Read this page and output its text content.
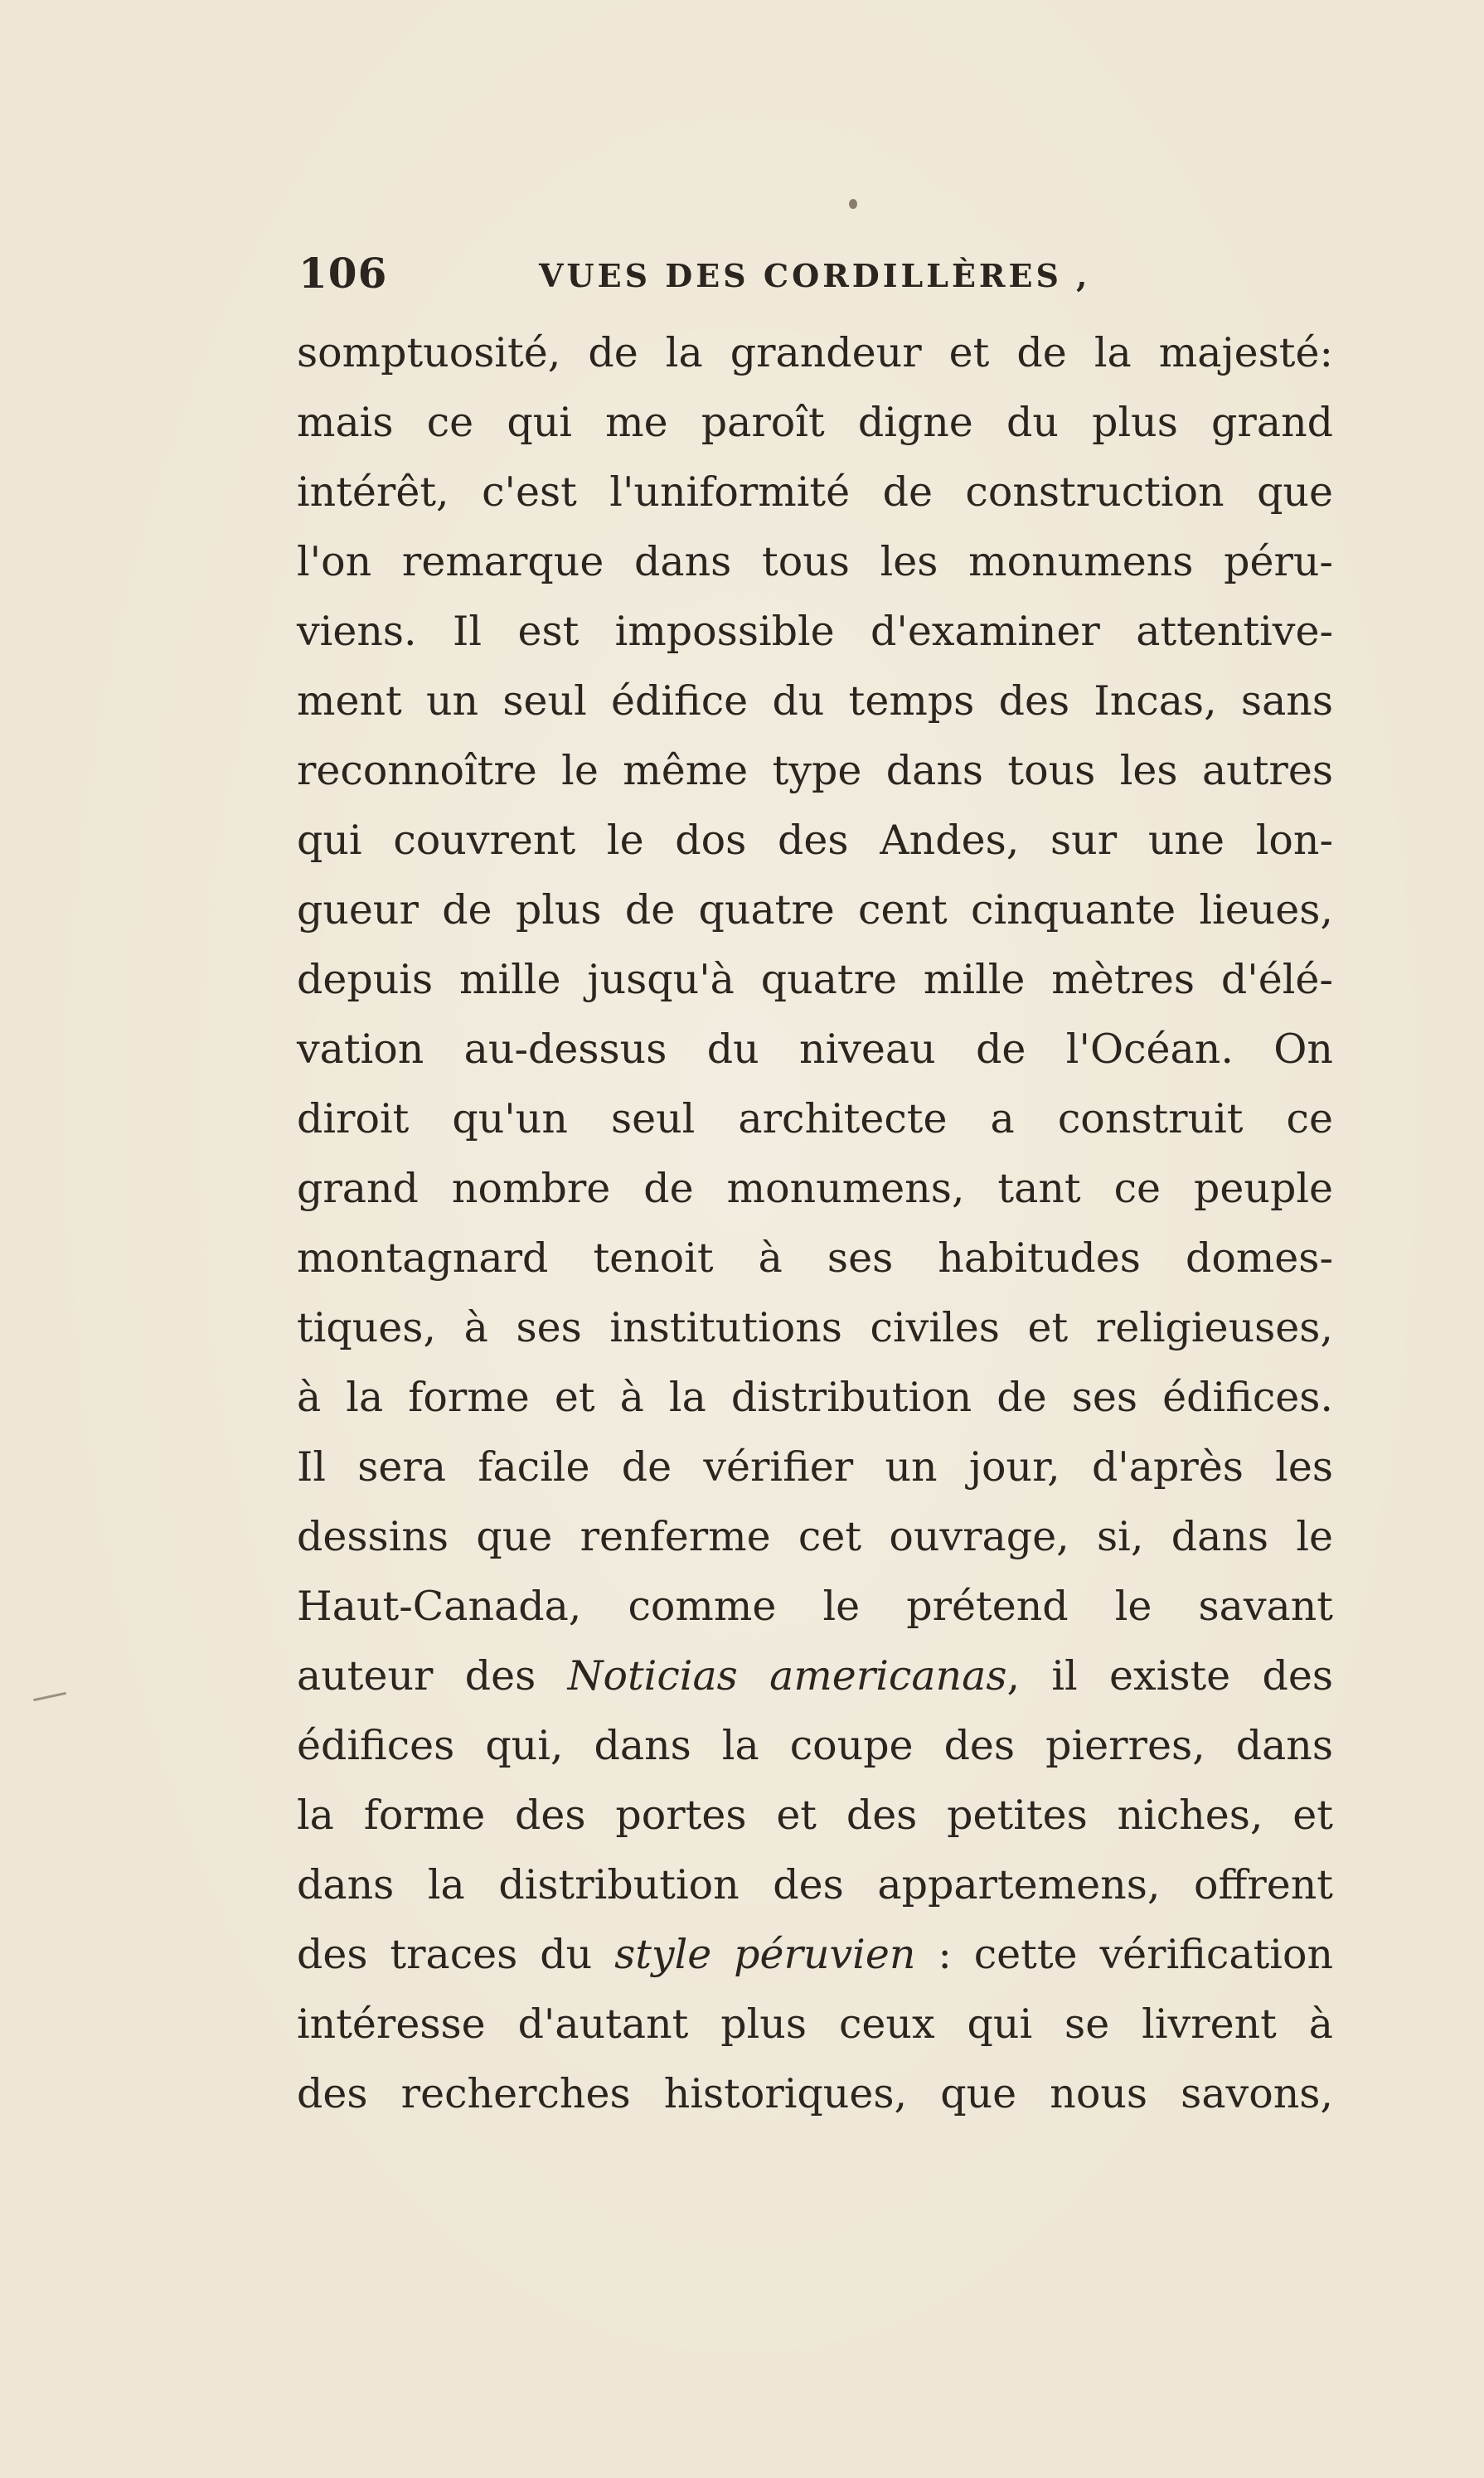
106	VUES DES CORDILLÈRES ,
somptuosité, de la grandeur et de la majesté:
mais ce qui me paroît digne du plus grand
intérêt, c'est l'uniformité de construction que
l'on remarque dans tous les monumens péru-
viens. Il est impossible d'examiner attentive-
ment un seul édifice du temps des Incas, sans
reconnoître le même type dans tous les autres
qui couvrent le dos des Andes, sur une lon-
gueur de plus de quatre cent cinquante lieues,
depuis mille jusqu'à quatre mille mètres d'élé-
vation au-dessus du niveau de l'Océan. On
diroit qu'un seul architecte a construit ce
grand nombre de monumens, tant ce peuple
montagnard tenoit à ses habitudes domes-
tiques, à ses institutions civiles et religieuses,
à la forme et à la distribution de ses édifices.
Il sera facile de vérifier un jour, d'après les
dessins que renferme cet ouvrage, si, dans le
Haut-Canada, comme le prétend le savant
auteur des Noticias americanas, il existe des
édifices qui, dans la coupe des pierres, dans
la forme des portes et des petites niches, et
dans la distribution des appartemens, offrent
des traces du style péruvien : cette vérification
intéresse d'autant plus ceux qui se livrent à
des recherches historiques, que nous savons,
